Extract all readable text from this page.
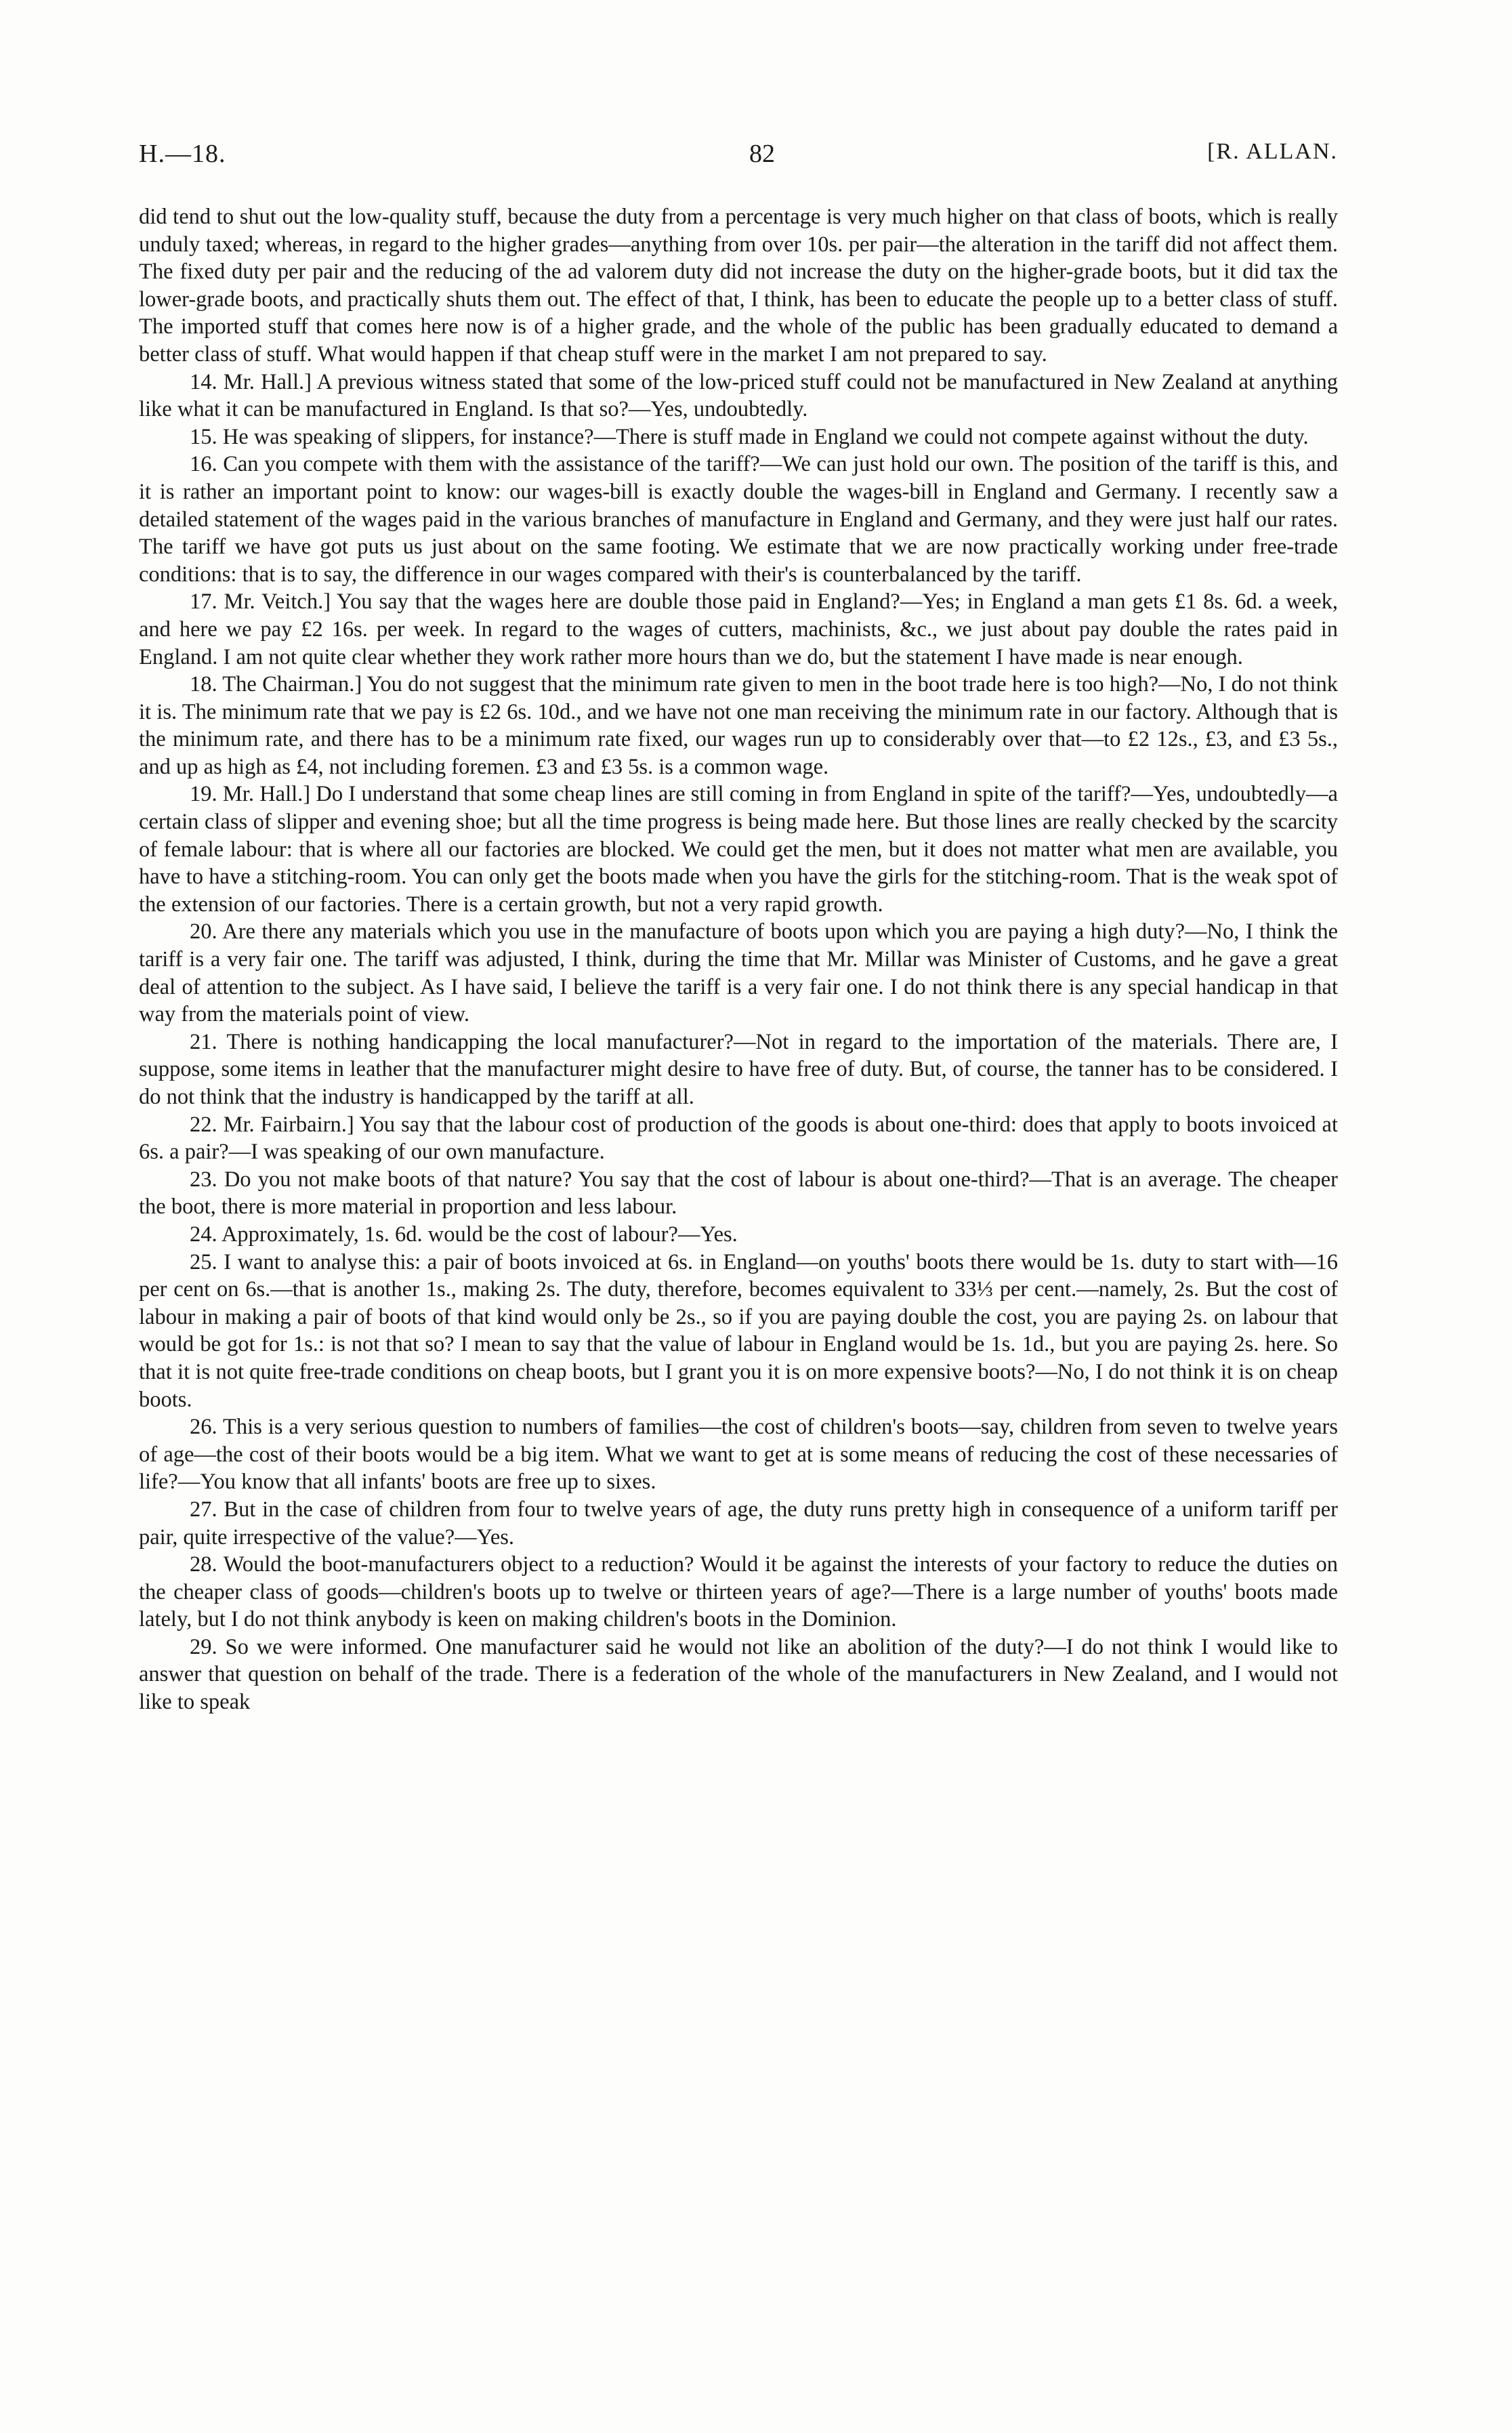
H.—18.	82	[R. ALLAN.

did tend to shut out the low-quality stuff, because the duty from a percentage is very much higher on that class of boots, which is really unduly taxed; whereas, in regard to the higher grades—anything from over 10s. per pair—the alteration in the tariff did not affect them. The fixed duty per pair and the reducing of the ad valorem duty did not increase the duty on the higher-grade boots, but it did tax the lower-grade boots, and practically shuts them out. The effect of that, I think, has been to educate the people up to a better class of stuff. The imported stuff that comes here now is of a higher grade, and the whole of the public has been gradually educated to demand a better class of stuff. What would happen if that cheap stuff were in the market I am not prepared to say.

14. Mr. Hall.] A previous witness stated that some of the low-priced stuff could not be manufactured in New Zealand at anything like what it can be manufactured in England. Is that so?—Yes, undoubtedly.

15. He was speaking of slippers, for instance?—There is stuff made in England we could not compete against without the duty.

16. Can you compete with them with the assistance of the tariff?—We can just hold our own. The position of the tariff is this, and it is rather an important point to know: our wages-bill is exactly double the wages-bill in England and Germany. I recently saw a detailed statement of the wages paid in the various branches of manufacture in England and Germany, and they were just half our rates. The tariff we have got puts us just about on the same footing. We estimate that we are now practically working under free-trade conditions: that is to say, the difference in our wages compared with their's is counterbalanced by the tariff.

17. Mr. Veitch.] You say that the wages here are double those paid in England?—Yes; in England a man gets £1 8s. 6d. a week, and here we pay £2 16s. per week. In regard to the wages of cutters, machinists, &c., we just about pay double the rates paid in England. I am not quite clear whether they work rather more hours than we do, but the statement I have made is near enough.

18. The Chairman.] You do not suggest that the minimum rate given to men in the boot trade here is too high?—No, I do not think it is. The minimum rate that we pay is £2 6s. 10d., and we have not one man receiving the minimum rate in our factory. Although that is the minimum rate, and there has to be a minimum rate fixed, our wages run up to considerably over that—to £2 12s., £3, and £3 5s., and up as high as £4, not including foremen. £3 and £3 5s. is a common wage.

19. Mr. Hall.] Do I understand that some cheap lines are still coming in from England in spite of the tariff?—Yes, undoubtedly—a certain class of slipper and evening shoe; but all the time progress is being made here. But those lines are really checked by the scarcity of female labour: that is where all our factories are blocked. We could get the men, but it does not matter what men are available, you have to have a stitching-room. You can only get the boots made when you have the girls for the stitching-room. That is the weak spot of the extension of our factories. There is a certain growth, but not a very rapid growth.

20. Are there any materials which you use in the manufacture of boots upon which you are paying a high duty?—No, I think the tariff is a very fair one. The tariff was adjusted, I think, during the time that Mr. Millar was Minister of Customs, and he gave a great deal of attention to the subject. As I have said, I believe the tariff is a very fair one. I do not think there is any special handicap in that way from the materials point of view.

21. There is nothing handicapping the local manufacturer?—Not in regard to the importation of the materials. There are, I suppose, some items in leather that the manufacturer might desire to have free of duty. But, of course, the tanner has to be considered. I do not think that the industry is handicapped by the tariff at all.

22. Mr. Fairbairn.] You say that the labour cost of production of the goods is about one-third: does that apply to boots invoiced at 6s. a pair?—I was speaking of our own manufacture.

23. Do you not make boots of that nature? You say that the cost of labour is about one-third?—That is an average. The cheaper the boot, there is more material in proportion and less labour.

24. Approximately, 1s. 6d. would be the cost of labour?—Yes.

25. I want to analyse this: a pair of boots invoiced at 6s. in England—on youths' boots there would be 1s. duty to start with—16 per cent on 6s.—that is another 1s., making 2s. The duty, therefore, becomes equivalent to 33⅓ per cent.—namely, 2s. But the cost of labour in making a pair of boots of that kind would only be 2s., so if you are paying double the cost, you are paying 2s. on labour that would be got for 1s.: is not that so? I mean to say that the value of labour in England would be 1s. 1d., but you are paying 2s. here. So that it is not quite free-trade conditions on cheap boots, but I grant you it is on more expensive boots?—No, I do not think it is on cheap boots.

26. This is a very serious question to numbers of families—the cost of children's boots—say, children from seven to twelve years of age—the cost of their boots would be a big item. What we want to get at is some means of reducing the cost of these necessaries of life?—You know that all infants' boots are free up to sixes.

27. But in the case of children from four to twelve years of age, the duty runs pretty high in consequence of a uniform tariff per pair, quite irrespective of the value?—Yes.

28. Would the boot-manufacturers object to a reduction? Would it be against the interests of your factory to reduce the duties on the cheaper class of goods—children's boots up to twelve or thirteen years of age?—There is a large number of youths' boots made lately, but I do not think anybody is keen on making children's boots in the Dominion.

29. So we were informed. One manufacturer said he would not like an abolition of the duty?—I do not think I would like to answer that question on behalf of the trade. There is a federation of the whole of the manufacturers in New Zealand, and I would not like to speak
